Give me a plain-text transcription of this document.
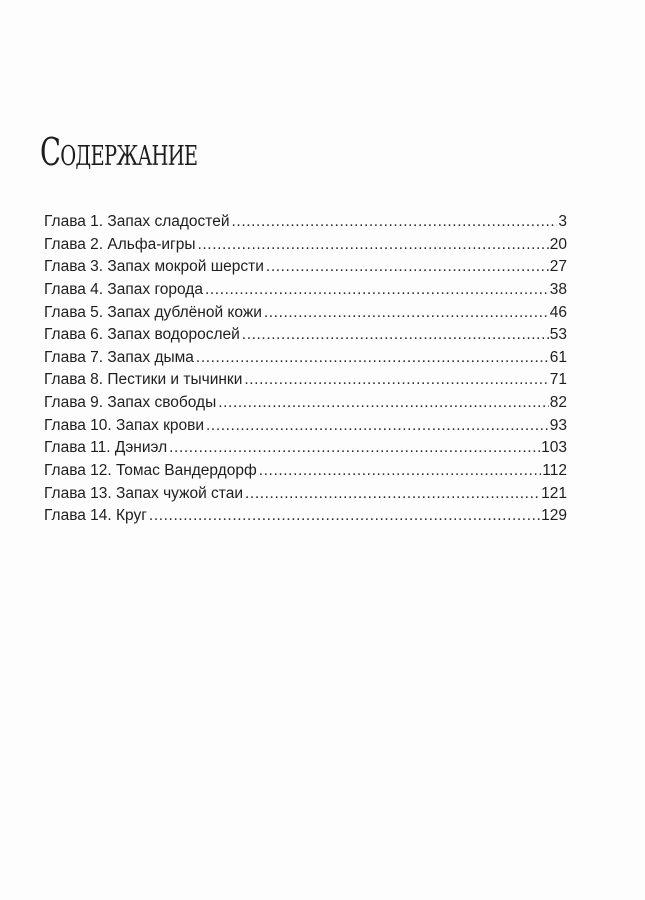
Содержание
Глава 1. Запах сладостей .....	3
Глава 2. Альфа-игры .....	20
Глава 3. Запах мокрой шерсти .....	27
Глава 4. Запах города .....	38
Глава 5. Запах дублёной кожи .....	46
Глава 6. Запах водорослей .....	53
Глава 7. Запах дыма .....	61
Глава 8. Пестики и тычинки .....	71
Глава 9. Запах свободы .....	82
Глава 10. Запах крови .....	93
Глава 11. Дэниэл .....	103
Глава 12. Томас Вандердорф .....	112
Глава 13. Запах чужой стаи .....	121
Глава 14. Круг .....	129
